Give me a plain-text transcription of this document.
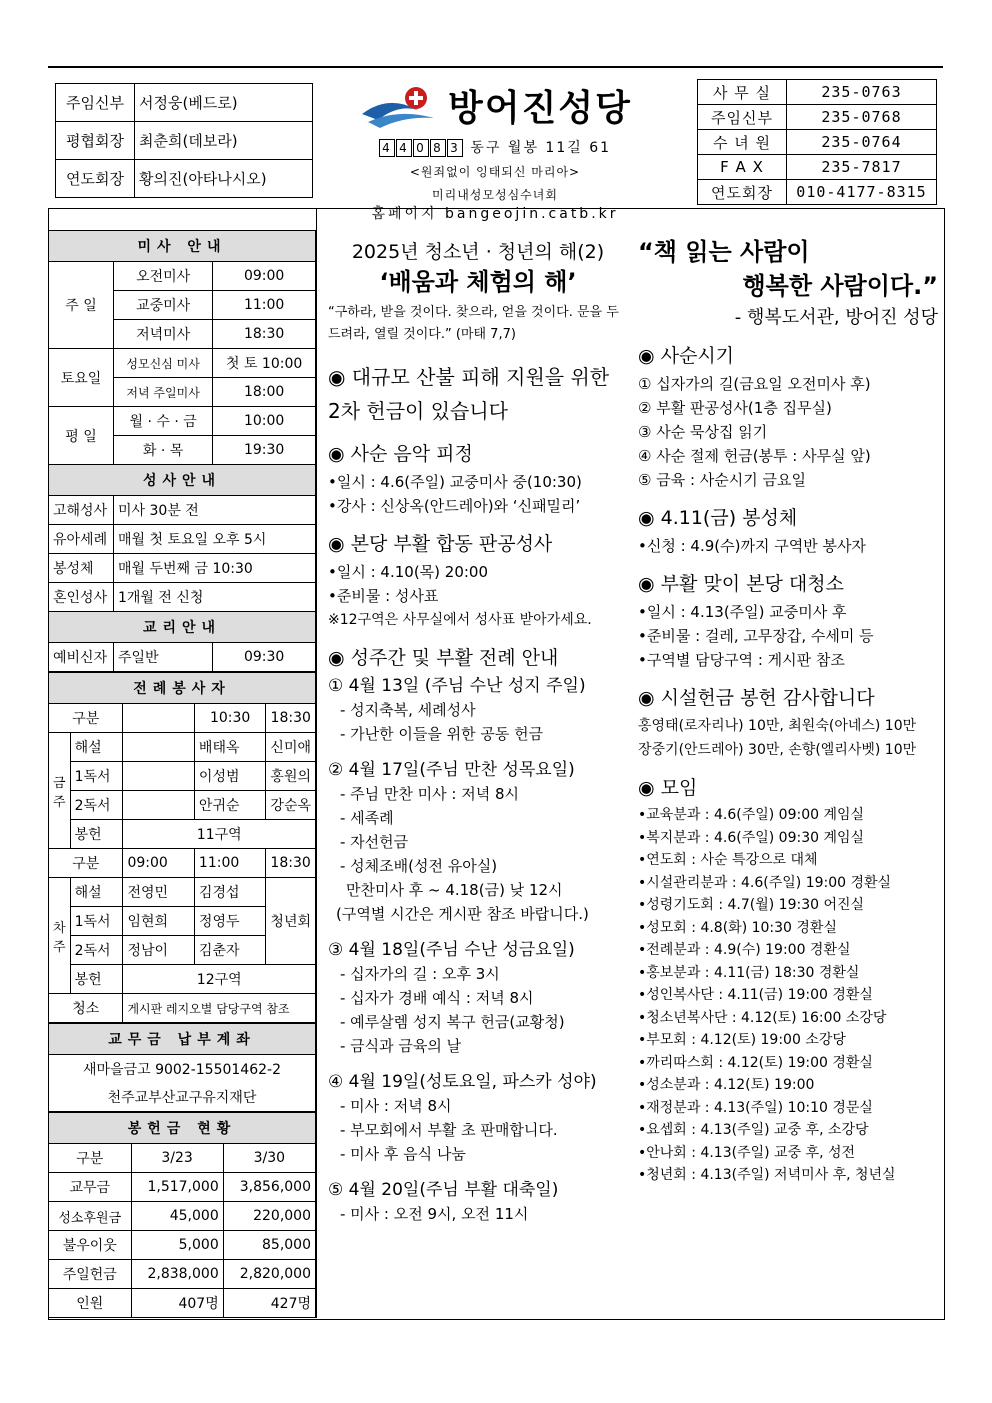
주임신부	서정웅(베드로)
평협회장	최춘희(데보라)
연도회장	황의진(아타나시오)
방어진성당
4 4 0 8 3 동구 월봉 11길 61
<원죄없이 잉태되신 마리아>
미리내성모성심수녀회
홈페이지 bangeojin.catb.kr
사 무 실	235-0763
주임신부	235-0768
수 녀 원	235-0764
F A X	235-7817
연도회장	010-4177-8315
미사 안내		
주 일	오전미사	09:00
	교중미사	11:00
	저녁미사	18:30
토요일	성모신심 미사	첫 토 10:00
	저녁 주일미사	18:00
평 일	월 · 수 · 금	10:00
	화 · 목	19:30
성사안내		
고해성사	미사 30분 전	
유아세례	매월 첫 토요일 오후 5시	
봉성체	매월 두번째 금 10:30	
혼인성사	1개월 전 신청	
교리안내		
예비신자	주일반	09:30
전례봉사자				
구분			10:30	18:30
금주	해설		배태옥	신미애
	1독서		이성범	홍원의
	2독서		안귀순	강순옥
	봉헌	11구역		
구분		09:00	11:00	18:30
차주	해설	전영민	김경섭	청년회
	1독서	임현희	정영두	
	2독서	정남이	김춘자	
	봉헌	12구역		
청소		게시판 레지오별 담당구역 참조		
교무금 납부계좌
새마을금고 9002-15501462-2
천주교부산교구유지재단
봉헌금 현황		
구분	3/23	3/30
교무금	1,517,000	3,856,000
성소후원금	45,000	220,000
불우이웃	5,000	85,000
주일헌금	2,838,000	2,820,000
인원	407명	427명
2025년 청소년 · 청년의 해(2)
‘배움과 체험의 해’
“구하라, 받을 것이다. 찾으라, 얻을 것이다. 문을 두드려라, 열릴 것이다.” (마태 7,7)
◉ 대규모 산불 피해 지원을 위한 2차 헌금이 있습니다
◉ 사순 음악 피정
•일시 : 4.6(주일) 교중미사 중(10:30)
•강사 : 신상옥(안드레아)와 ‘신패밀리’
◉ 본당 부활 합동 판공성사
•일시 : 4.10(목) 20:00
•준비물 : 성사표
※12구역은 사무실에서 성사표 받아가세요.
◉ 성주간 및 부활 전례 안내
① 4월 13일 (주님 수난 성지 주일)
- 성지축복, 세례성사
- 가난한 이들을 위한 공동 헌금
② 4월 17일(주님 만찬 성목요일)
- 주님 만찬 미사 : 저녁 8시
- 세족례
- 자선헌금
- 성체조배(성전 유아실)
만찬미사 후 ~ 4.18(금) 낮 12시
(구역별 시간은 게시판 참조 바랍니다.)
③ 4월 18일(주님 수난 성금요일)
- 십자가의 길 : 오후 3시
- 십자가 경배 예식 : 저녁 8시
- 예루살렘 성지 복구 헌금(교황청)
- 금식과 금육의 날
④ 4월 19일(성토요일, 파스카 성야)
- 미사 : 저녁 8시
- 부모회에서 부활 초 판매합니다.
- 미사 후 음식 나눔
⑤ 4월 20일(주님 부활 대축일)
- 미사 : 오전 9시, 오전 11시
“책 읽는 사람이
행복한 사람이다.”
- 행복도서관, 방어진 성당
◉ 사순시기
① 십자가의 길(금요일 오전미사 후)
② 부활 판공성사(1층 집무실)
③ 사순 묵상집 읽기
④ 사순 절제 헌금(봉투 : 사무실 앞)
⑤ 금육 : 사순시기 금요일
◉ 4.11(금) 봉성체
•신청 : 4.9(수)까지 구역반 봉사자
◉ 부활 맞이 본당 대청소
•일시 : 4.13(주일) 교중미사 후
•준비물 : 걸레, 고무장갑, 수세미 등
•구역별 담당구역 : 게시판 참조
◉ 시설헌금 봉헌 감사합니다
홍영태(로자리나) 10만, 최원숙(아네스) 10만
장중기(안드레아) 30만, 손향(엘리사벳) 10만
◉ 모임
•교육분과 : 4.6(주일) 09:00 계임실
•복지분과 : 4.6(주일) 09:30 계임실
•연도회 : 사순 특강으로 대체
•시설관리분과 : 4.6(주일) 19:00 경환실
•성령기도회 : 4.7(월) 19:30 어진실
•성모회 : 4.8(화) 10:30 경환실
•전례분과 : 4.9(수) 19:00 경환실
•홍보분과 : 4.11(금) 18:30 경환실
•성인복사단 : 4.11(금) 19:00 경환실
•청소년복사단 : 4.12(토) 16:00 소강당
•부모회 : 4.12(토) 19:00 소강당
•까리따스회 : 4.12(토) 19:00 경환실
•성소분과 : 4.12(토) 19:00
•재정분과 : 4.13(주일) 10:10 경문실
•요셉회 : 4.13(주일) 교중 후, 소강당
•안나회 : 4.13(주일) 교중 후, 성전
•청년회 : 4.13(주일) 저녁미사 후, 청년실
